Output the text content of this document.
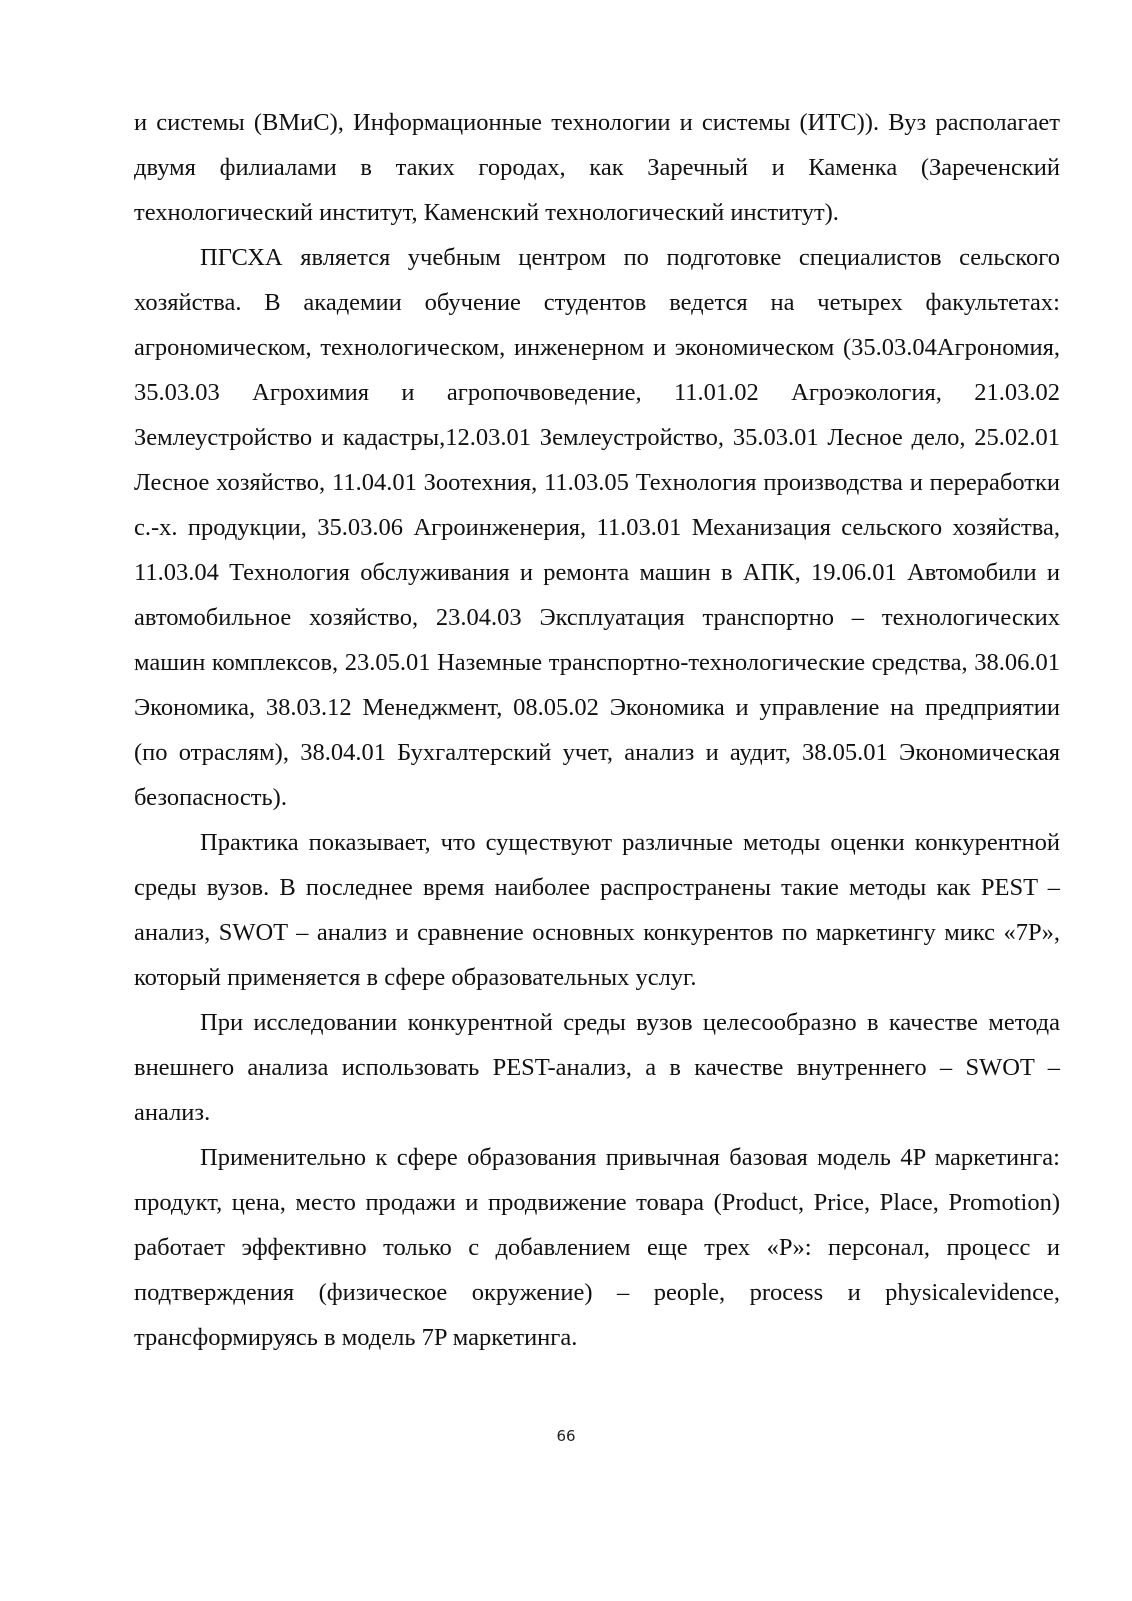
и системы (ВМиС), Информационные технологии и системы (ИТС)). Вуз располагает двумя филиалами в таких городах, как Заречный и Каменка (Зареченский технологический институт, Каменский технологический институт).

ПГСХА является учебным центром по подготовке специалистов сельского хозяйства. В академии обучение студентов ведется на четырех факультетах: агрономическом, технологическом, инженерном и экономическом (35.03.04Агрономия, 35.03.03 Агрохимия и агропочвоведение, 11.01.02 Агроэкология, 21.03.02 Землеустройство и кадастры,12.03.01 Землеустройство, 35.03.01 Лесное дело, 25.02.01 Лесное хозяйство, 11.04.01 Зоотехния, 11.03.05 Технология производства и переработки с.-х. продукции, 35.03.06 Агроинженерия, 11.03.01 Механизация сельского хозяйства, 11.03.04 Технология обслуживания и ремонта машин в АПК, 19.06.01 Автомобили и автомобильное хозяйство, 23.04.03 Эксплуатация транспортно – технологических машин комплексов, 23.05.01 Наземные транспортно-технологические средства, 38.06.01 Экономика, 38.03.12 Менеджмент, 08.05.02 Экономика и управление на предприятии (по отраслям), 38.04.01 Бухгалтерский учет, анализ и аудит, 38.05.01 Экономическая безопасность).

Практика показывает, что существуют различные методы оценки конкурентной среды вузов. В последнее время наиболее распространены такие методы как PEST – анализ, SWOT – анализ и сравнение основных конкурентов по маркетингу микс «7P», который применяется в сфере образовательных услуг.

При исследовании конкурентной среды вузов целесообразно в качестве метода внешнего анализа использовать PEST-анализ, а в качестве внутреннего – SWOT – анализ.

Применительно к сфере образования привычная базовая модель 4P маркетинга: продукт, цена, место продажи и продвижение товара (Product, Price, Place, Promotion) работает эффективно только с добавлением еще трех «P»: персонал, процесс и подтверждения (физическое окружение) – people, process и physicalevidence, трансформируясь в модель 7P маркетинга.

66
